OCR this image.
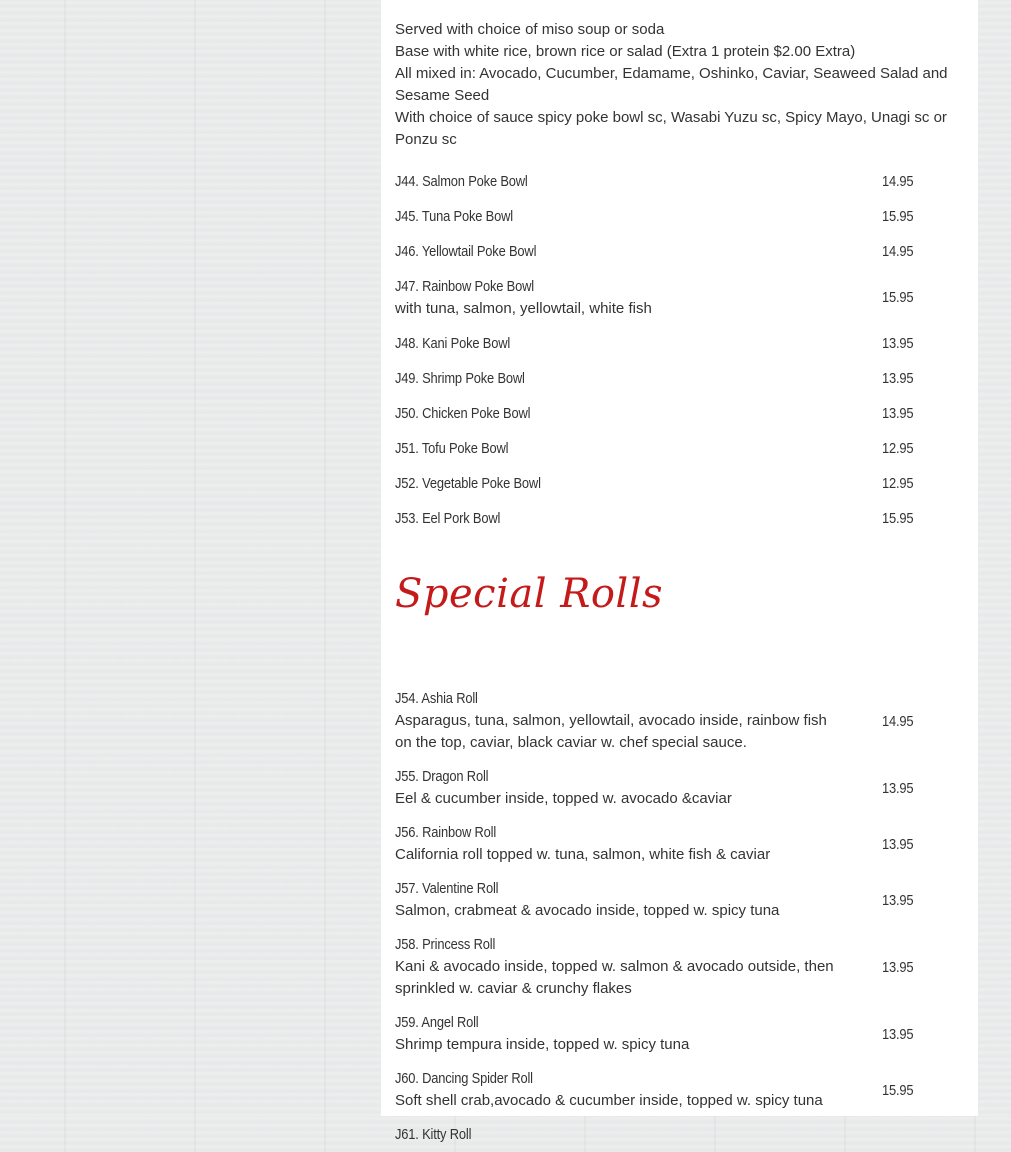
Served with choice of miso soup or soda
Base with white rice, brown rice or salad (Extra 1 protein $2.00 Extra)
All mixed in: Avocado, Cucumber, Edamame, Oshinko, Caviar, Seaweed Salad and Sesame Seed
With choice of sauce spicy poke bowl sc, Wasabi Yuzu sc, Spicy Mayo, Unagi sc or Ponzu sc
J44. Salmon Poke Bowl	14.95
J45. Tuna Poke Bowl	15.95
J46. Yellowtail Poke Bowl	14.95
J47. Rainbow Poke Bowl
with tuna, salmon, yellowtail, white fish
15.95
J48. Kani Poke Bowl	13.95
J49. Shrimp Poke Bowl	13.95
J50. Chicken Poke Bowl	13.95
J51. Tofu Poke Bowl	12.95
J52. Vegetable Poke Bowl	12.95
J53. Eel Pork Bowl	15.95
Special Rolls
J54. Ashia Roll
Asparagus, tuna, salmon, yellowtail, avocado inside, rainbow fish on the top, caviar, black caviar w. chef special sauce.
14.95
J55. Dragon Roll
Eel & cucumber inside, topped w. avocado &caviar
13.95
J56. Rainbow Roll
California roll topped w. tuna, salmon, white fish & caviar
13.95
J57. Valentine Roll
Salmon, crabmeat & avocado inside, topped w. spicy tuna
13.95
J58. Princess Roll
Kani & avocado inside, topped w. salmon & avocado outside, then sprinkled w. caviar & crunchy flakes
13.95
J59. Angel Roll
Shrimp tempura inside, topped w. spicy tuna
13.95
J60. Dancing Spider Roll
Soft shell crab,avocado & cucumber inside, topped w. spicy tuna
15.95
J61. Kitty Roll
